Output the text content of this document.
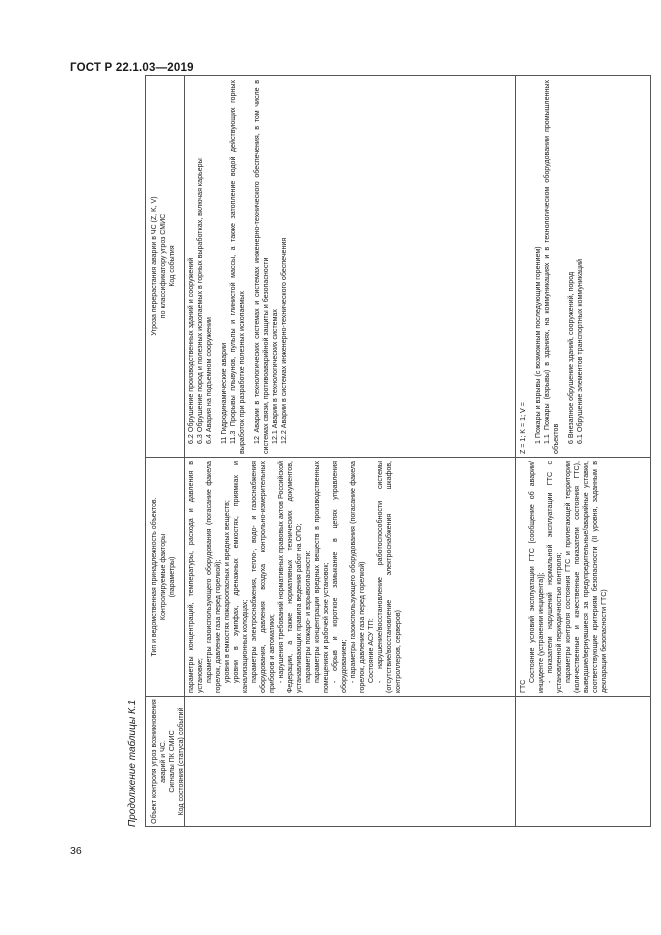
ГОСТ Р 22.1.03—2019
36
Продолжение таблицы К.1	Объект контроля угроз возникновения аварий и ЧС. Сигналы ПК СМИС Код состояния (статуса) событий
Тип и ведомственная принадлежность объектов. Контролируемые факторы (параметры)
Угроза перерастания аварии в ЧС (Z, K, V) по классификатору угроз СМИС Код события

параметры концентраций, температуры, расхода и давления в установке; параметры газоиспользующего оборудования (погасание факела горелок, давление газа перед горелкой); уровни в емкостях пожароопасных и вредных веществ; уровни в зумпфах, дренажных емкостях, приямках и канализационных колодцах; параметры электроснабжения, тепло-, водо- и газоснабжения оборудования, давления воздуха контрольно-измерительных приборов и автоматики; - нарушения требований нормативных правовых актов Российской Федерации, а также нормативных технических документов, устанавливающих правила ведения работ на ОПО; параметры пожаро- и взрывоопасности: параметры концентрации вредных веществ в производственных помещениях и рабочей зоне установок; - обрыв и короткое замыкание в цепях управления оборудованием; - параметры газоиспользующего оборудования (погасание факела горелок, давление газа перед горелкой) Состояние АСУ ТП: - нарушение/восстановление работоспособности системы (отсутствие/восстановление электроснабжения шкафов, контроллеров, серверов)

6.2 Обрушение производственных зданий и сооружений 6.3 Обрушение пород и полезных ископаемых в горных выработках, включая карьеры 6.4 Авария на подъемном сооружении 11 Гидродинамические аварии 11.3 Прорывы плывунов, пульпы и глинистой массы, а также затопление водой действующих горных выработок при разработке полезных ископаемых 12 Аварии в технологических системах и системах инженерно-технического обеспечения, в том числе в системах связи, противоаварийной защиты и безопасности 12.1 Аварии в технологических системах 12.2 Аварии в системах инженерно-технического обеспечения

ГТС

Состояние условий эксплуатации ГТС [сообщение об аварии/инциденте (устранении инцидента)]; - показатели нарушений нормальной эксплуатации ГТС с установленной периодичностью контроля; параметры контроля состояния ГТС и прилегающей территории (количественные и качественные показатели состояния ГТС), выведшие/вернувшиеся за предупредительные/аварийные уставки, соответствующие критериям безопасности (II уровня, заданным в декларации безопасности ГТС)

Z = 1; K = 1; V = 1 Пожары и взрывы (с возможным последующим горением) 1.1 Пожары (взрывы) в зданиях, на коммуникациях и в технологическом оборудовании промышленных объектов 6 Внезапное обрушение зданий, сооружений, пород 6.1 Обрушение элементов транспортных коммуникаций
